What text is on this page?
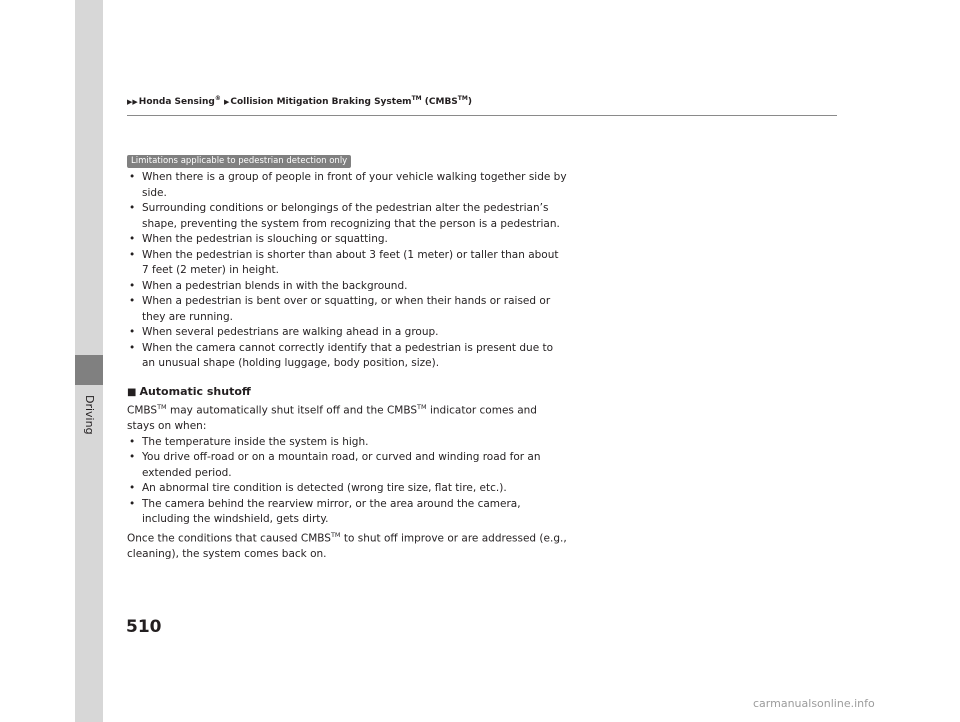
Driving
▶▶Honda Sensing® ▶Collision Mitigation Braking System™ (CMBS™)
Limitations applicable to pedestrian detection only

• When there is a group of people in front of your vehicle walking together side by side.

• Surrounding conditions or belongings of the pedestrian alter the pedestrian’s shape, preventing the system from recognizing that the person is a pedestrian.

• When the pedestrian is slouching or squatting.

• When the pedestrian is shorter than about 3 feet (1 meter) or taller than about 7 feet (2 meter) in height.

• When a pedestrian blends in with the background.

• When a pedestrian is bent over or squatting, or when their hands or raised or they are running.

• When several pedestrians are walking ahead in a group.

• When the camera cannot correctly identify that a pedestrian is present due to an unusual shape (holding luggage, body position, size).

■ Automatic shutoff

CMBS™ may automatically shut itself off and the CMBS™ indicator comes and stays on when:

• The temperature inside the system is high.

• You drive off-road or on a mountain road, or curved and winding road for an extended period.

• An abnormal tire condition is detected (wrong tire size, flat tire, etc.).

• The camera behind the rearview mirror, or the area around the camera, including the windshield, gets dirty.

Once the conditions that caused CMBS™ to shut off improve or are addressed (e.g., cleaning), the system comes back on.

510
carmanualsonline.info
